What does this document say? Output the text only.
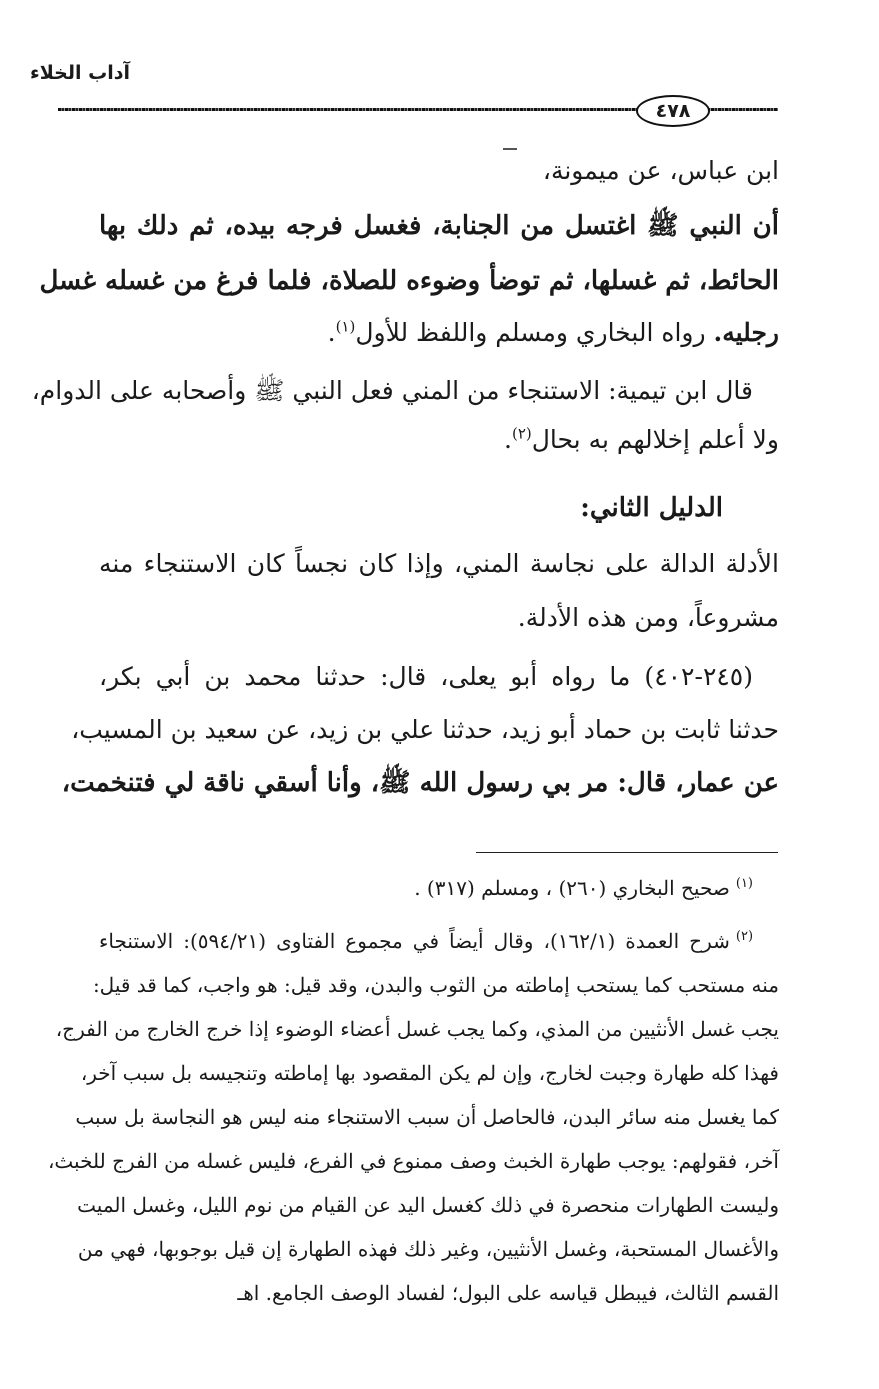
آداب الخلاء
٤٧٨
ابن عباس، عن ميمونة،
أن النبي ﷺ اغتسل من الجنابة، فغسل فرجه بيده، ثم دلك بها
الحائط، ثم غسلها، ثم توضأ وضوءه للصلاة، فلما فرغ من غسله غسل
رجليه. رواه البخاري ومسلم واللفظ للأول$^{(١)}$.
قال ابن تيمية: الاستنجاء من المني فعل النبي ﷺ وأصحابه على الدوام،
ولا أعلم إخلالهم به بحال$^{(٢)}$.
الدليل الثاني:
الأدلة الدالة على نجاسة المني، وإذا كان نجساً كان الاستنجاء منه
مشروعاً، ومن هذه الأدلة.
(٢٤٥-٤٠٢) ما رواه أبو يعلى، قال: حدثنا محمد بن أبي بكر،
حدثنا ثابت بن حماد أبو زيد، حدثنا علي بن زيد، عن سعيد بن المسيب،
عن عمار، قال: مر بي رسول الله ﷺ، وأنا أسقي ناقة لي فتنخمت،
$^{(١)}$صحيح البخاري (٢٦٠) ، ومسلم (٣١٧) .
$^{(٢)}$شرح العمدة (١٦٢/١)، وقال أيضاً في مجموع الفتاوى (٥٩٤/٢١): الاستنجاء
منه مستحب كما يستحب إماطته من الثوب والبدن، وقد قيل: هو واجب، كما قد قيل:
يجب غسل الأنثيين من المذي، وكما يجب غسل أعضاء الوضوء إذا خرج الخارج من الفرج،
فهذا كله طهارة وجبت لخارج، وإن لم يكن المقصود بها إماطته وتنجيسه بل سبب آخر،
كما يغسل منه سائر البدن، فالحاصل أن سبب الاستنجاء منه ليس هو النجاسة بل سبب
آخر، فقولهم: يوجب طهارة الخبث وصف ممنوع في الفرع، فليس غسله من الفرج للخبث،
وليست الطهارات منحصرة في ذلك كغسل اليد عن القيام من نوم الليل، وغسل الميت
والأغسال المستحبة، وغسل الأنثيين، وغير ذلك فهذه الطهارة إن قيل بوجوبها، فهي من
القسم الثالث، فيبطل قياسه على البول؛ لفساد الوصف الجامع. اهـ
